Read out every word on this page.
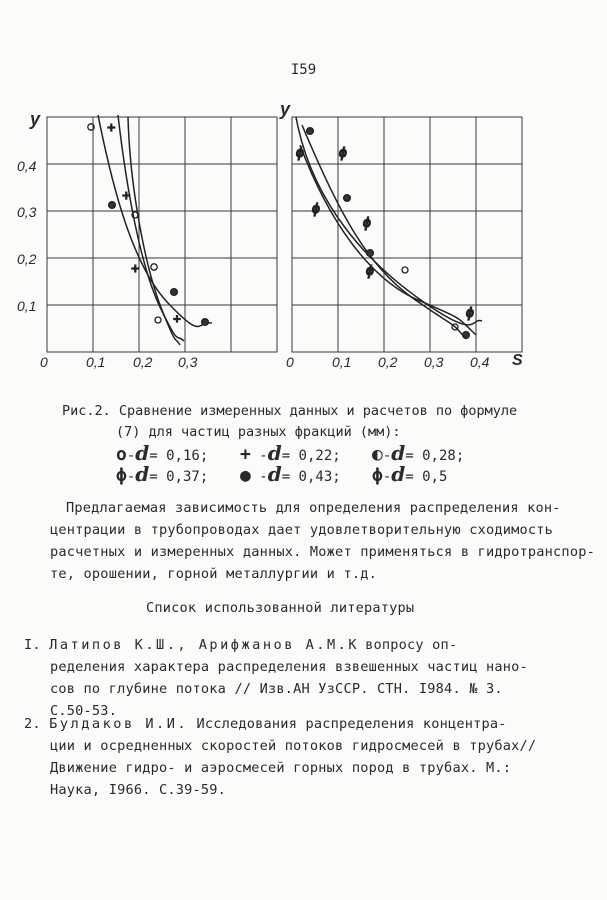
I59
+
+
+
+
ϕ	ϕ
ϕ
ϕ
ϕ
ϕ
y	y
S
0,4
0,3
0,2
0,1
0	0,1 0,2 0,3	0	0,1 0,2 0,3 0,4
Рис.2. Сравнение измеренных данных и расчетов по формуле
(7) для частиц разных фракций (мм):
o-d= 0,16; + -d= 0,22; ◐-d= 0,28;
ϕ-d= 0,37; ● -d= 0,43; ϕ-d= 0,5
Предлагаемая зависимость для определения распределения кон-
центрации в трубопроводах дает удовлетворительную сходимость
расчетных и измеренных данных. Может применяться в гидротранспор-
те, орошении, горной металлургии и т.д.
Список использованной литературы
I. Латипов К.Ш., Арифжанов А.М.К вопросу оп-
ределения характера распределения взвешенных частиц нано-
сов по глубине потока // Изв.АН УзССР. СТН. I984. № 3.
С.50-53.
2. Булдаков И.И. Исследования распределения концентра-
ции и осредненных скоростей потоков гидросмесей в трубах//
Движение гидро- и аэросмесей горных пород в трубах. М.:
Наука, I966. С.39-59.
